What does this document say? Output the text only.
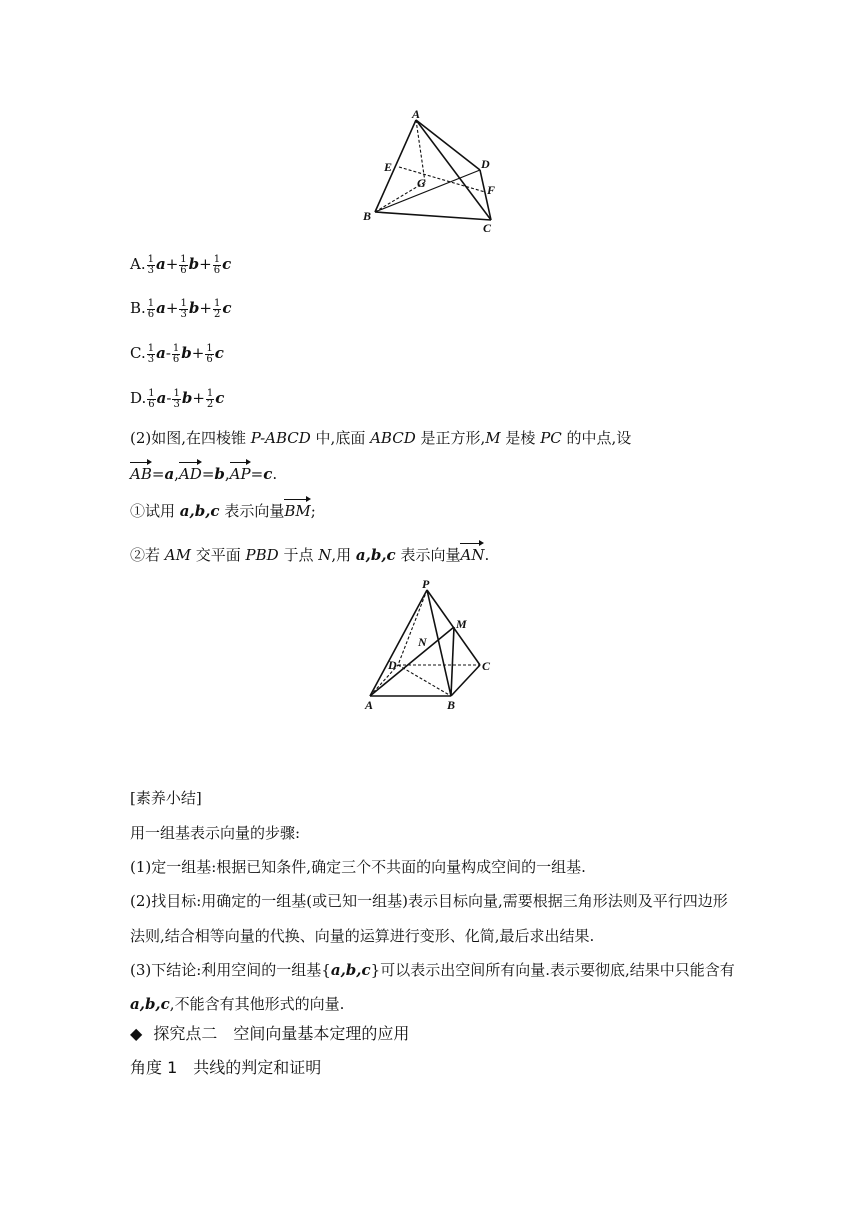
A
E
G
D
F
B
C
A. $\frac{1}{3} a+ \frac{1}{6} b+ \frac{1}{6}$ c
B. $\frac{1}{6} a+ \frac{1}{3} b+ \frac{1}{2}$ c
C. $\frac{1}{3} a- \frac{1}{6} b+ \frac{1}{6}$ c
D. $\frac{1}{6} a- \frac{1}{3} b+ \frac{1}{2}$ c
(2)如图,在四棱锥 P-ABCD 中,底面 ABCD 是正方形,M 是棱 PC 的中点,设
AB=a,AD=b,AP=c.
①试用 a,b,c 表示向量BM;
②若 AM 交平面 PBD 于点 N,用 a,b,c 表示向量AN.
P
M
N
D	C
A	B
[素养小结]
用一组基表示向量的步骤:
(1)定一组基:根据已知条件,确定三个不共面的向量构成空间的一组基.
(2)找目标:用确定的一组基(或已知一组基)表示目标向量,需要根据三角形法则及平行四边形
法则,结合相等向量的代换、向量的运算进行变形、化简,最后求出结果.
(3)下结论:利用空间的一组基{a,b,c}可以表示出空间所有向量.表示要彻底,结果中只能含有
a,b,c,不能含有其他形式的向量.
◆ 探究点二　空间向量基本定理的应用
角度 1　共线的判定和证明
